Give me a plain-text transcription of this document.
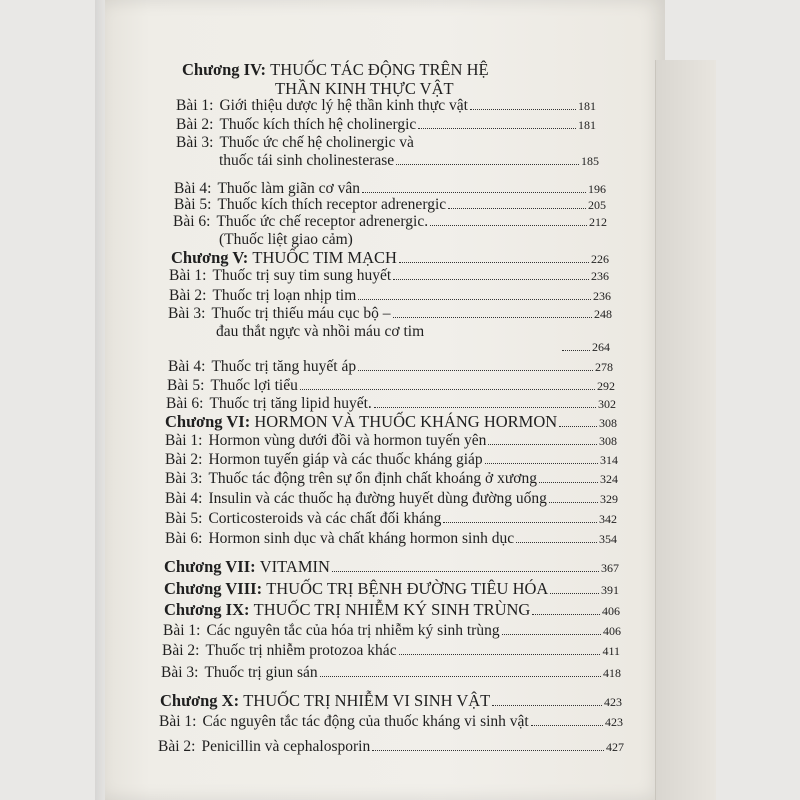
Chương IV:
THUỐC TÁC ĐỘNG TRÊN HỆ
THẦN KINH THỰC VẬT
Bài 1: Giới thiệu dược lý hệ thần kinh thực vật	181
Bài 2: Thuốc kích thích hệ cholinergic	181
Bài 3: Thuốc ức chế hệ cholinergic và
thuốc tái sinh cholinesterase	185
Bài 4: Thuốc làm giãn cơ vân	196
Bài 5: Thuốc kích thích receptor adrenergic	205
Bài 6: Thuốc ức chế receptor adrenergic.	212
(Thuốc liệt giao cảm)
Chương V:
THUỐC TIM MẠCH	226
Bài 1: Thuốc trị suy tim sung huyết	236
Bài 2: Thuốc trị loạn nhịp tim	236
Bài 3: Thuốc trị thiếu máu cục bộ –	248
đau thắt ngực và nhồi máu cơ tim
264
Bài 4: Thuốc trị tăng huyết áp	278
Bài 5: Thuốc lợi tiểu	292
Bài 6: Thuốc trị tăng lipid huyết.	302
Chương VI:
HORMON VÀ THUỐC KHÁNG HORMON	308
Bài 1: Hormon vùng dưới đồi và hormon tuyến yên	308
Bài 2: Hormon tuyến giáp và các thuốc kháng giáp	314
Bài 3: Thuốc tác động trên sự ổn định chất khoáng ở xương	324
Bài 4: Insulin và các thuốc hạ đường huyết dùng đường uống	329
Bài 5: Corticosteroids và các chất đối kháng	342
Bài 6: Hormon sinh dục và chất kháng hormon sinh dục	354
Chương VII:
VITAMIN	367
Chương VIII:
THUỐC TRỊ BỆNH ĐƯỜNG TIÊU HÓA	391
Chương IX:
THUỐC TRỊ NHIỄM KÝ SINH TRÙNG	406
Bài 1: Các nguyên tắc của hóa trị nhiễm ký sinh trùng	406
Bài 2: Thuốc trị nhiễm protozoa khác	411
Bài 3: Thuốc trị giun sán	418
Chương X:
THUỐC TRỊ NHIỄM VI SINH VẬT	423
Bài 1: Các nguyên tắc tác động của thuốc kháng vi sinh vật	423
Bài 2: Penicillin và cephalosporin	427
